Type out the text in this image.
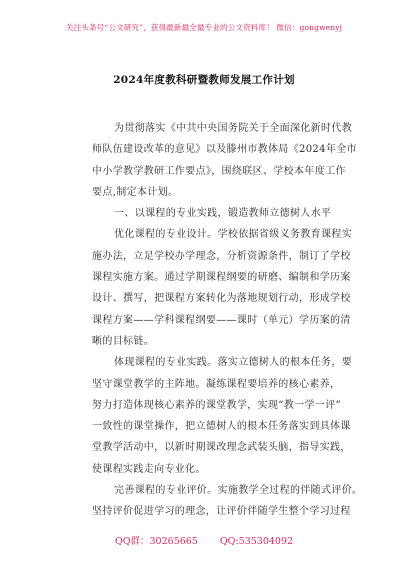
关注头条号“公文研究”，获得最新最全最专业的公文资料库！ 微信：gongwenyj
2024年度教科研暨教师发展工作计划
为贯彻落实《中共中央国务院关于全面深化新时代教
师队伍建设改革的意见》以及滕州市教体局《2024年全市
中小学教学教研工作要点》，围绕联区、学校本年度工作
要点,制定本计划。
一、以课程的专业实践，锻造教师立德树人水平
优化课程的专业设计。学校依据省级义务教育课程实
施办法，立足学校办学理念，分析资源条件，制订了学校
课程实施方案。通过学期课程纲要的研磨、编制和学历案
设计、撰写，把课程方案转化为落地规划行动，形成学校
课程方案——学科课程纲要——课时（单元）学历案的清
晰的目标链。
体现课程的专业实践。落实立德树人的根本任务，要
坚守课堂教学的主阵地。凝练课程要培养的核心素养，
努力打造体现核心素养的课堂教学，实现“教一学一评”
一致性的课堂操作，把立德树人的根本任务落实到具体课
堂教学活动中，以新时期课改理念武装头脑，指导实践，
使课程实践走向专业化。
完善课程的专业评价。实施教学全过程的伴随式评价。
坚持评价促进学习的理念，让评价伴随学生整个学习过程
QQ群：30265665 QQ:535304092
